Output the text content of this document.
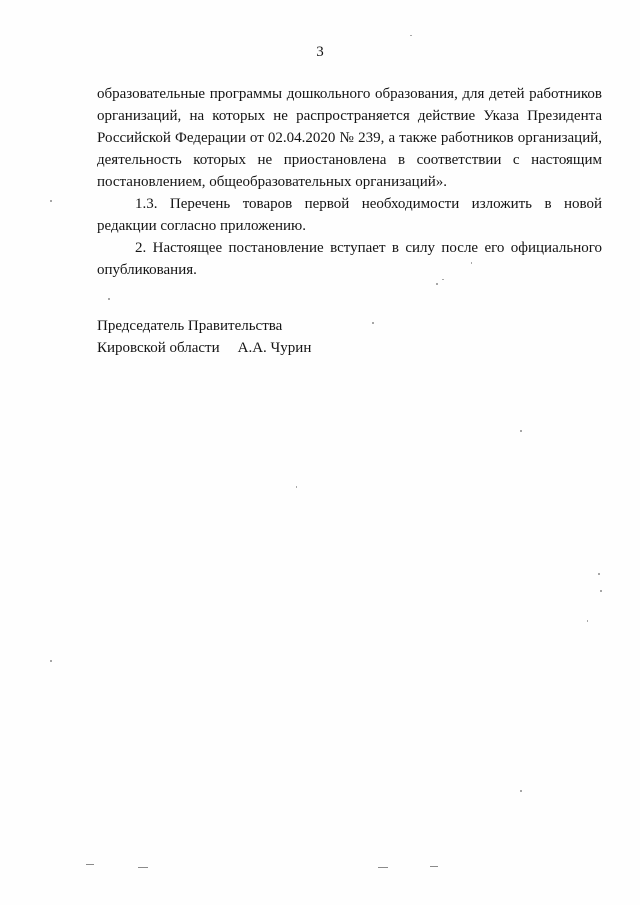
3
образовательные программы дошкольного образования, для детей работников
организаций, на которых не распространяется действие Указа Президента
Российской Федерации от 02.04.2020 № 239, а также работников организаций,
деятельность которых не приостановлена в соответствии с настоящим
постановлением, общеобразовательных организаций».
1.3. Перечень товаров первой необходимости изложить в новой
редакции согласно приложению.
2. Настоящее постановление вступает в силу после его официального
опубликования.
Председатель Правительства
Кировской области А.А. Чурин
